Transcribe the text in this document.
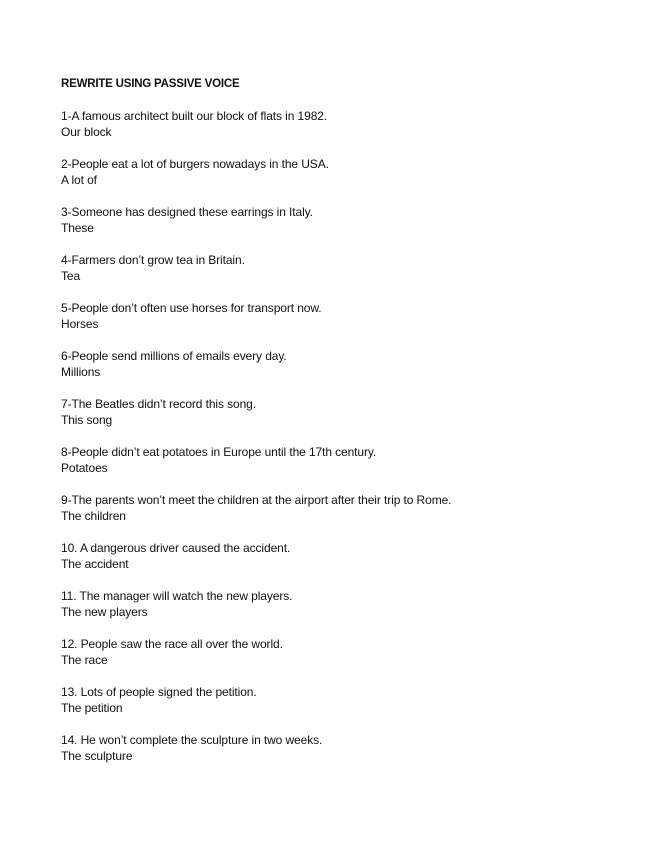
REWRITE USING PASSIVE VOICE
1-A famous architect built our block of flats in 1982.
Our block
2-People eat a lot of burgers nowadays in the USA.
A lot of
3-Someone has designed these earrings in Italy.
These
4-Farmers don’t grow tea in Britain.
Tea
5-People don’t often use horses for transport now.
Horses
6-People send millions of emails every day.
Millions
7-The Beatles didn’t record this song.
This song
8-People didn’t eat potatoes in Europe until the 17th century.
Potatoes
9-The parents won’t meet the children at the airport after their trip to Rome.
The children
10. A dangerous driver caused the accident.
The accident
11. The manager will watch the new players.
The new players
12. People saw the race all over the world.
The race
13. Lots of people signed the petition.
The petition
14. He won’t complete the sculpture in two weeks.
The sculpture
